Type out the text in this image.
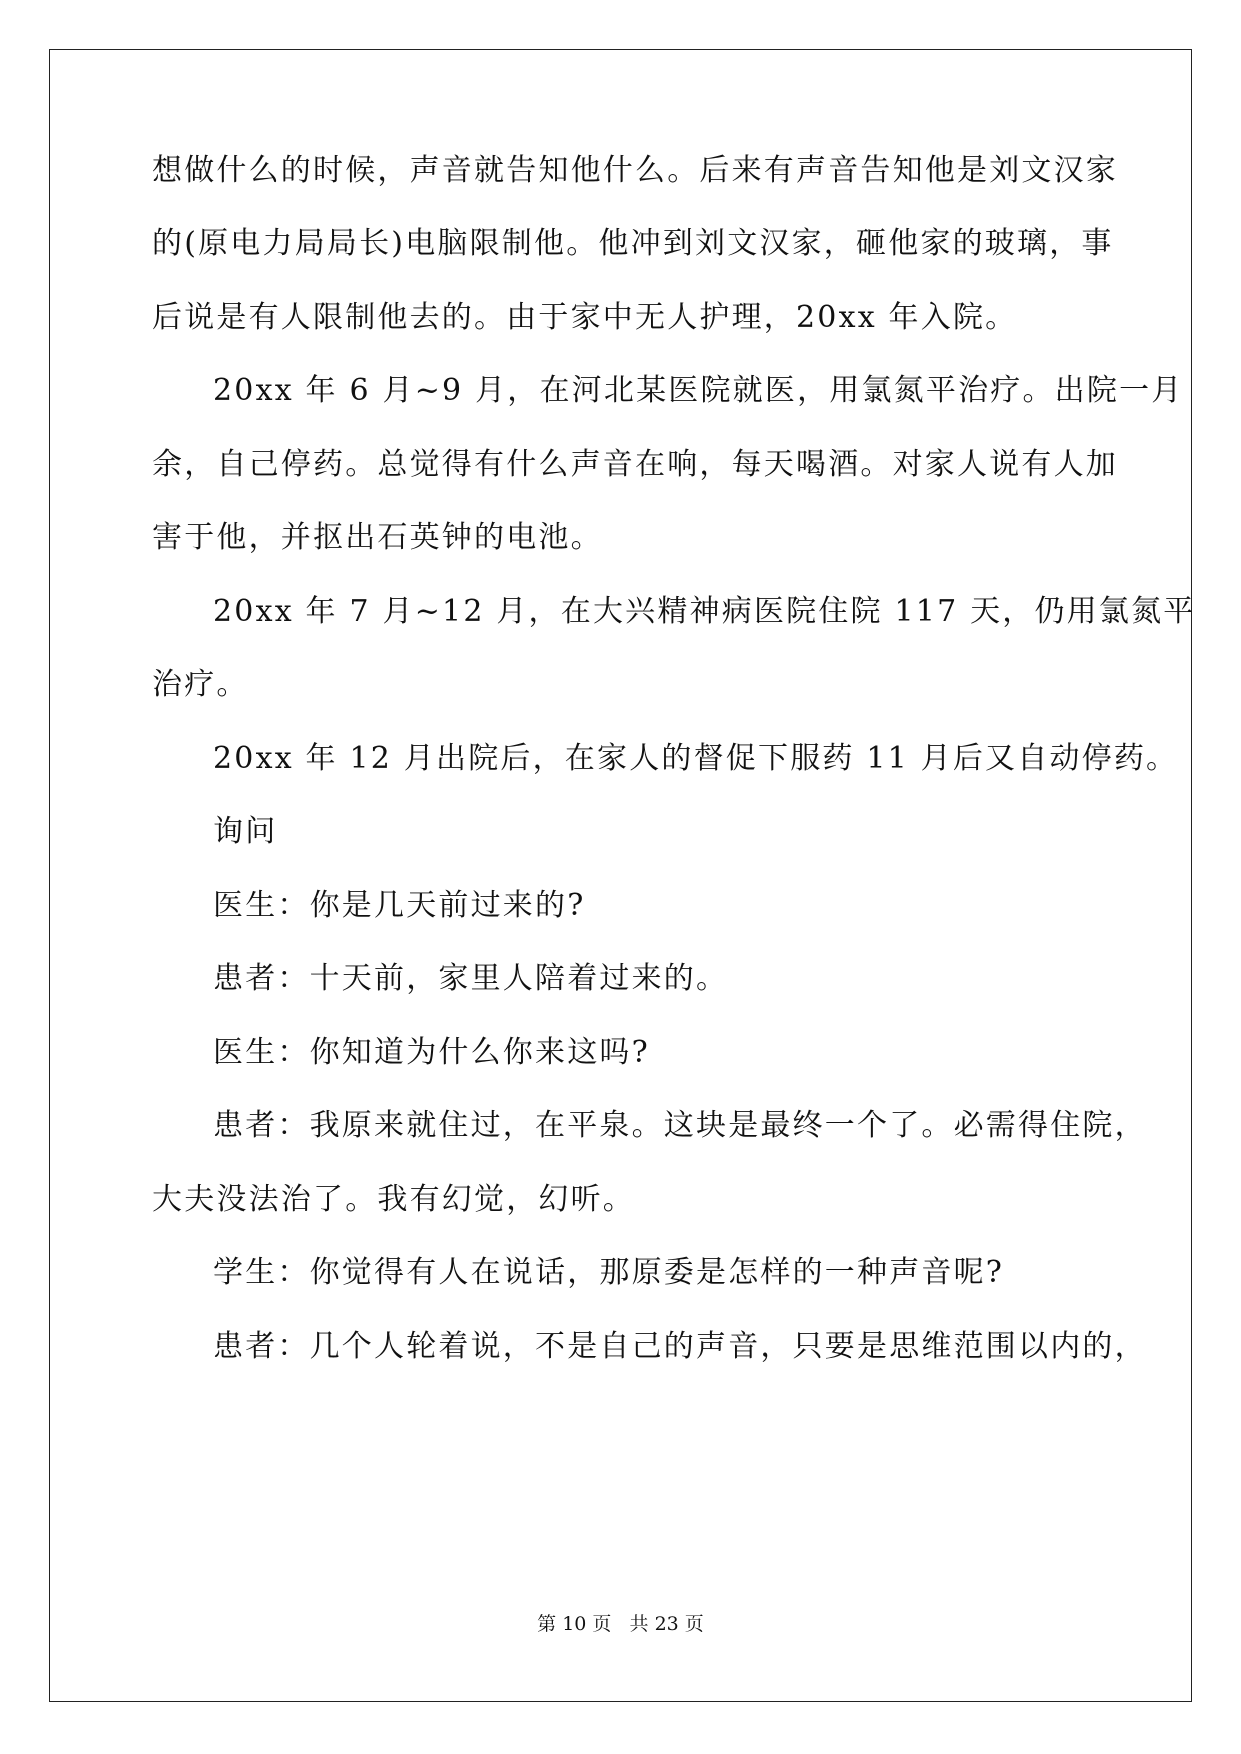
想做什么的时候，声音就告知他什么。后来有声音告知他是刘文汉家
的(原电力局局长)电脑限制他。他冲到刘文汉家，砸他家的玻璃，事
后说是有人限制他去的。由于家中无人护理，20xx 年入院。
20xx 年 6 月~9 月，在河北某医院就医，用氯氮平治疗。出院一月
余，自己停药。总觉得有什么声音在响，每天喝酒。对家人说有人加
害于他，并抠出石英钟的电池。
20xx 年 7 月~12 月，在大兴精神病医院住院 117 天，仍用氯氮平
治疗。
20xx 年 12 月出院后，在家人的督促下服药 11 月后又自动停药。
询问
医生：你是几天前过来的?
患者：十天前，家里人陪着过来的。
医生：你知道为什么你来这吗?
患者：我原来就住过，在平泉。这块是最终一个了。必需得住院，
大夫没法治了。我有幻觉，幻听。
学生：你觉得有人在说话，那原委是怎样的一种声音呢?
患者：几个人轮着说，不是自己的声音，只要是思维范围以内的，
第 10 页   共 23 页
